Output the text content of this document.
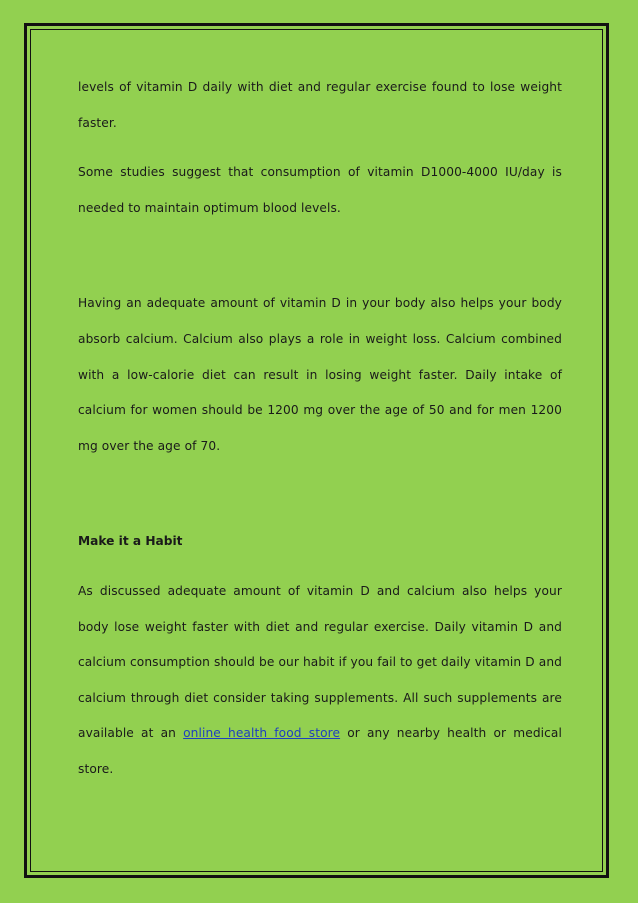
levels of vitamin D daily with diet and regular exercise found to lose weight faster.

Some studies suggest that consumption of vitamin D1000-4000 IU/day is needed to maintain optimum blood levels.

Having an adequate amount of vitamin D in your body also helps your body absorb calcium. Calcium also plays a role in weight loss. Calcium combined with a low-calorie diet can result in losing weight faster. Daily intake of calcium for women should be 1200 mg over the age of 50 and for men 1200 mg over the age of 70.

Make it a Habit

As discussed adequate amount of vitamin D and calcium also helps your body lose weight faster with diet and regular exercise. Daily vitamin D and calcium consumption should be our habit if you fail to get daily vitamin D and calcium through diet consider taking supplements. All such supplements are available at an online health food store or any nearby health or medical store.
